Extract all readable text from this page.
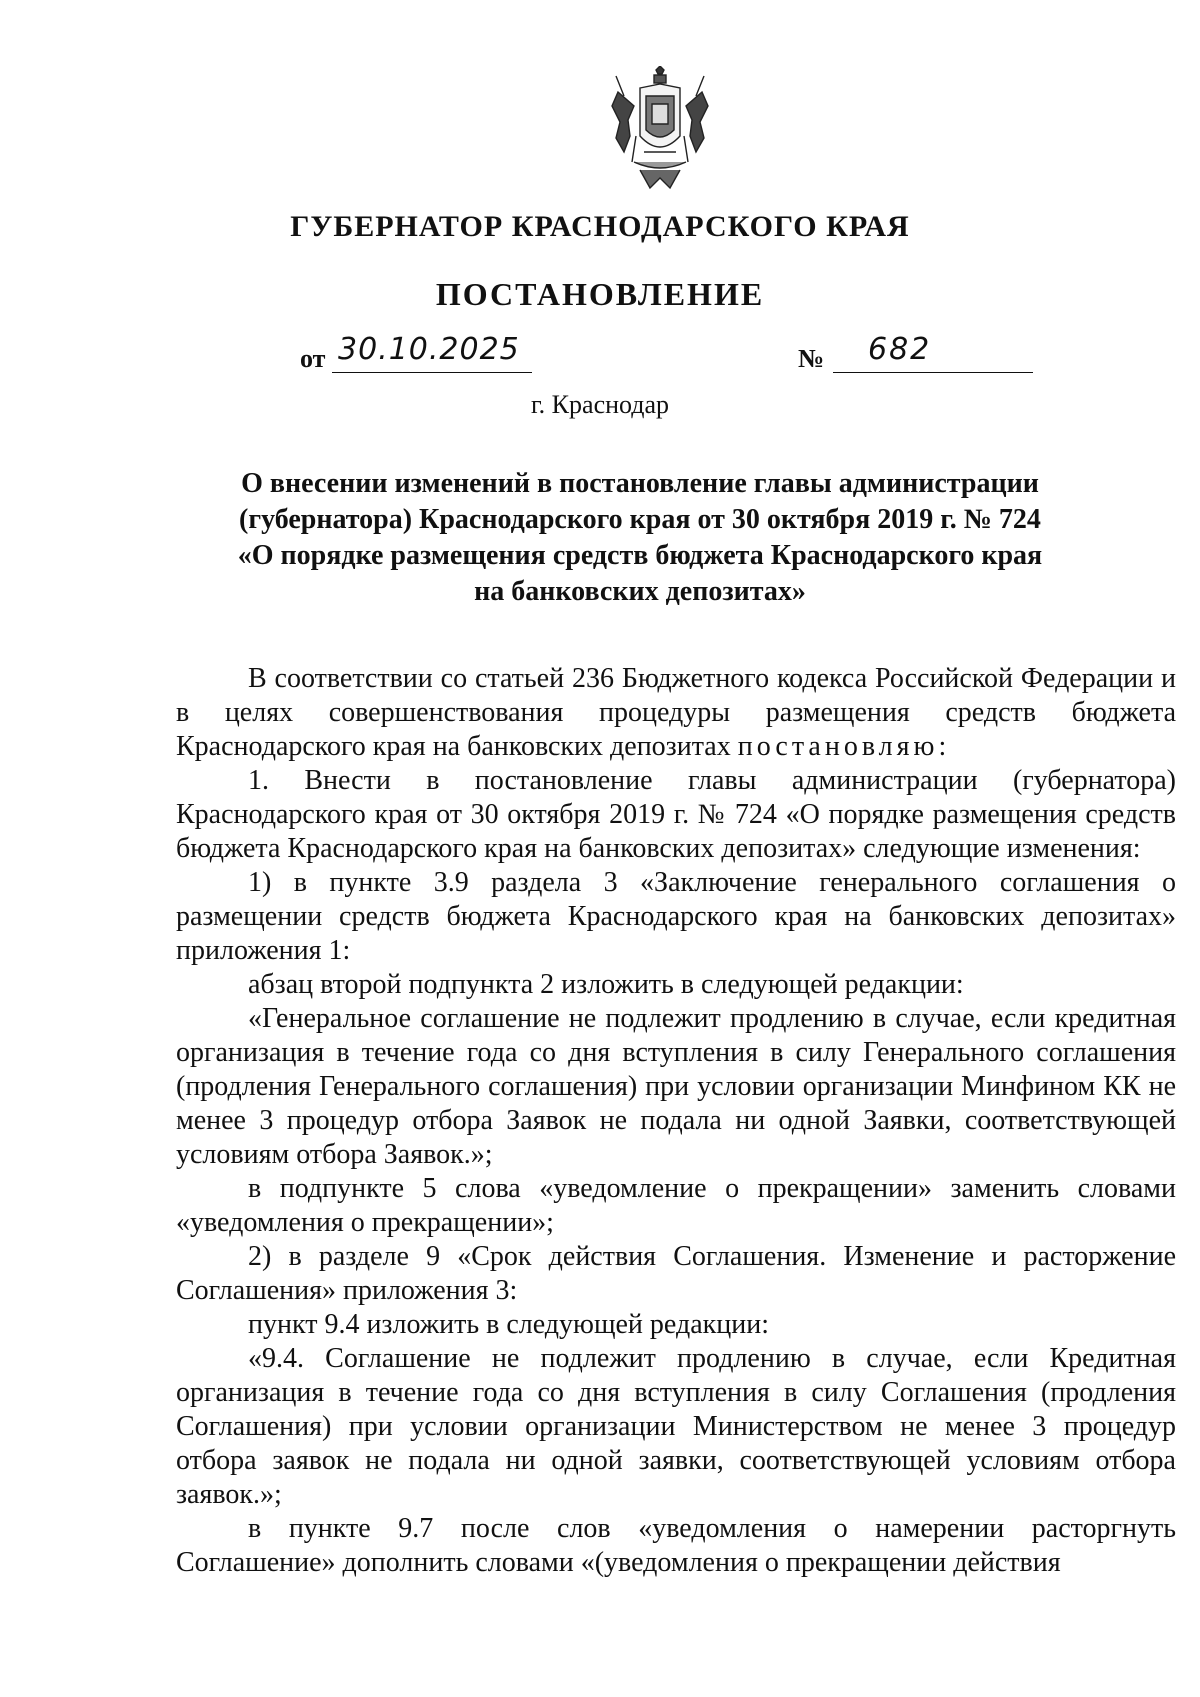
ГУБЕРНАТОР КРАСНОДАРСКОГО КРАЯ
ПОСТАНОВЛЕНИЕ
от 30.10.2025	№ 682
г. Краснодар
О внесении изменений в постановление главы администрации
(губернатора) Краснодарского края от 30 октября 2019 г. № 724
«О порядке размещения средств бюджета Краснодарского края
на банковских депозитах»

В соответствии со статьей 236 Бюджетного кодекса Российской Федерации и в целях совершенствования процедуры размещения средств бюджета Краснодарского края на банковских депозитах постановляю:

1. Внести в постановление главы администрации (губернатора) Краснодарского края от 30 октября 2019 г. № 724 «О порядке размещения средств бюджета Краснодарского края на банковских депозитах» следующие изменения:

1) в пункте 3.9 раздела 3 «Заключение генерального соглашения о размещении средств бюджета Краснодарского края на банковских депозитах» приложения 1:

абзац второй подпункта 2 изложить в следующей редакции:

«Генеральное соглашение не подлежит продлению в случае, если кредитная организация в течение года со дня вступления в силу Генерального соглашения (продления Генерального соглашения) при условии организации Минфином КК не менее 3 процедур отбора Заявок не подала ни одной Заявки, соответствующей условиям отбора Заявок.»;

в подпункте 5 слова «уведомление о прекращении» заменить словами «уведомления о прекращении»;

2) в разделе 9 «Срок действия Соглашения. Изменение и расторжение Соглашения» приложения 3:

пункт 9.4 изложить в следующей редакции:

«9.4. Соглашение не подлежит продлению в случае, если Кредитная организация в течение года со дня вступления в силу Соглашения (продления Соглашения) при условии организации Министерством не менее 3 процедур отбора заявок не подала ни одной заявки, соответствующей условиям отбора заявок.»;

в пункте 9.7 после слов «уведомления о намерении расторгнуть Соглашение» дополнить словами «(уведомления о прекращении действия
